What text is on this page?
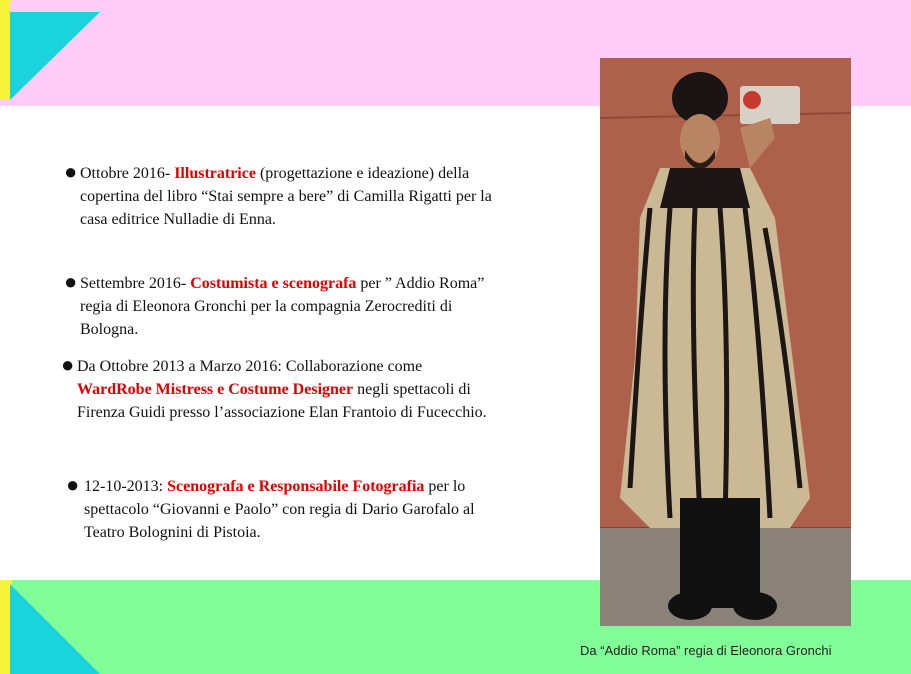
● Ottobre 2016- Illustratrice (progettazione e ideazione) della
copertina del libro “Stai sempre a bere” di Camilla Rigatti per la
casa editrice Nulladie di Enna.
● Settembre 2016- Costumista e scenografa per ” Addio Roma”
regia di Eleonora Gronchi per la compagnia Zerocrediti di
Bologna.
● Da Ottobre 2013 a Marzo 2016: Collaborazione come
WardRobe Mistress e Costume Designer negli spettacoli di
Firenza Guidi presso l’associazione Elan Frantoio di Fucecchio.
● 12-10-2013: Scenografa e Responsabile Fotografia per lo
spettacolo “Giovanni e Paolo” con regia di Dario Garofalo al
Teatro Bolognini di Pistoia.
Da “Addio Roma” regia di Eleonora Gronchi
